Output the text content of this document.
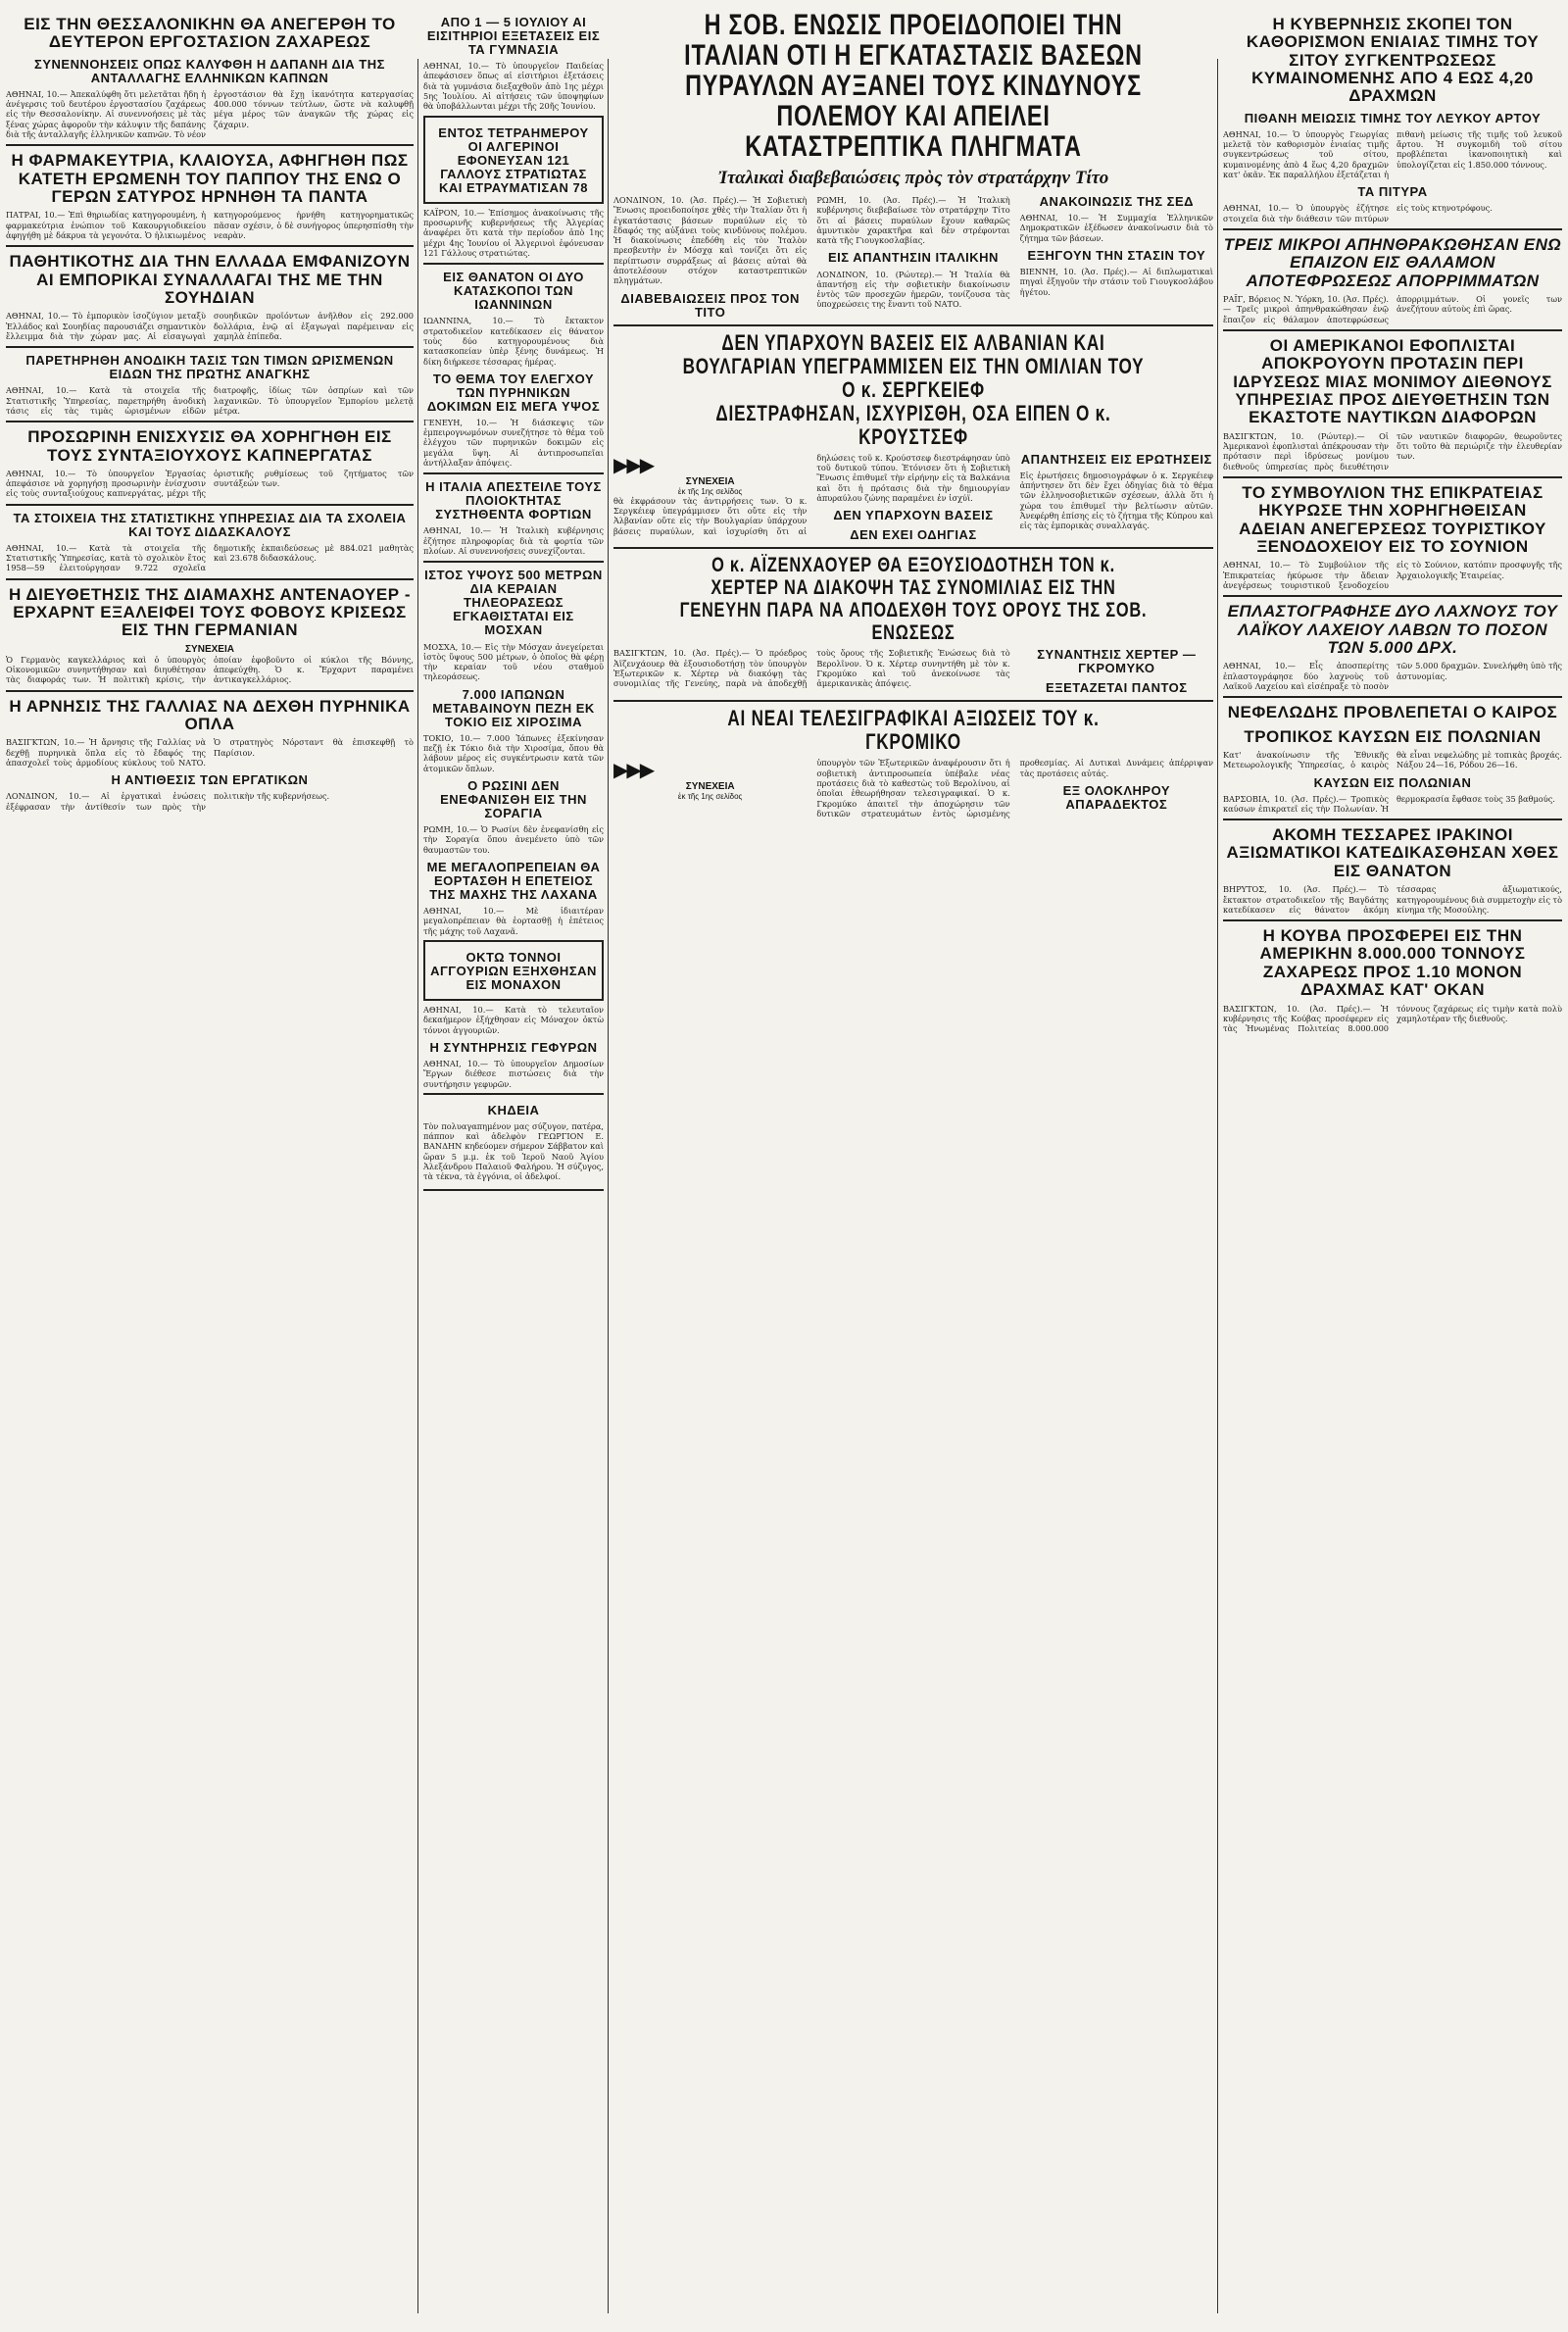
ΕΙΣ ΤΗΝ ΘΕΣΣΑΛΟΝΙΚΗΝ ΘΑ ΑΝΕΓΕΡΘΗ ΤΟ ΔΕΥΤΕΡΟΝ ΕΡΓΟΣΤΑΣΙΟΝ ΖΑΧΑΡΕΩΣ
ΣΥΝΕΝΝΟΗΣΕΙΣ ΟΠΩΣ ΚΑΛΥΦΘΗ Η ΔΑΠΑΝΗ ΔΙΑ ΤΗΣ ΑΝΤΑΛΛΑΓΗΣ ΕΛΛΗΝΙΚΩΝ ΚΑΠΝΩΝ

ΑΘΗΝΑΙ, 10.— Ἀπεκαλύφθη ὅτι μελετᾶται ἤδη ἡ ἀνέγερσις τοῦ δευτέρου ἐργοστασίου ζαχάρεως εἰς τὴν Θεσσαλονίκην. Αἱ συνεννοήσεις μὲ τὰς ξένας χώρας ἀφοροῦν τὴν κάλυψιν τῆς δαπάνης διὰ τῆς ἀνταλλαγῆς ἑλληνικῶν καπνῶν. Τὸ νέον ἐργοστάσιον θὰ ἔχῃ ἱκανότητα κατεργασίας 400.000 τόννων τεύτλων, ὥστε νὰ καλυφθῇ μέγα μέρος τῶν ἀναγκῶν τῆς χώρας εἰς ζάχαριν.

Η ΦΑΡΜΑΚΕΥΤΡΙΑ, ΚΛΑΙΟΥΣΑ, ΑΦΗΓΗΘΗ ΠΩΣ ΚΑΤΕΤΗ ΕΡΩΜΕΝΗ ΤΟΥ ΠΑΠΠΟΥ ΤΗΣ ΕΝΩ Ο ΓΕΡΩΝ ΣΑΤΥΡΟΣ ΗΡΝΗΘΗ ΤΑ ΠΑΝΤΑ

ΠΑΤΡΑΙ, 10.— Ἐπὶ θηριωδίας κατηγορουμένη, ἡ φαρμακεύτρια ἐνώπιον τοῦ Κακουργιοδικείου ἀφηγήθη μὲ δάκρυα τὰ γεγονότα. Ὁ ἡλικιωμένος κατηγορούμενος ἠρνήθη κατηγορηματικῶς πᾶσαν σχέσιν, ὁ δὲ συνήγορος ὑπερησπίσθη τὴν νεαρὰν.

ΠΑΘΗΤΙΚΟΤΗΣ ΔΙΑ ΤΗΝ ΕΛΛΑΔΑ ΕΜΦΑΝΙΖΟΥΝ ΑΙ ΕΜΠΟΡΙΚΑΙ ΣΥΝΑΛΛΑΓΑΙ ΤΗΣ ΜΕ ΤΗΝ ΣΟΥΗΔΙΑΝ

ΑΘΗΝΑΙ, 10.— Τὸ ἐμπορικὸν ἰσοζύγιον μεταξὺ Ἑλλάδος καὶ Σουηδίας παρουσιάζει σημαντικὸν ἔλλειμμα διὰ τὴν χώραν μας. Αἱ εἰσαγωγαὶ σουηδικῶν προϊόντων ἀνῆλθον εἰς 292.000 δολλάρια, ἐνῷ αἱ ἐξαγωγαὶ παρέμειναν εἰς χαμηλὰ ἐπίπεδα.

ΠΑΡΕΤΗΡΗΘΗ ΑΝΟΔΙΚΗ ΤΑΣΙΣ ΤΩΝ ΤΙΜΩΝ ΩΡΙΣΜΕΝΩΝ ΕΙΔΩΝ ΤΗΣ ΠΡΩΤΗΣ ΑΝΑΓΚΗΣ

ΑΘΗΝΑΙ, 10.— Κατὰ τὰ στοιχεῖα τῆς Στατιστικῆς Ὑπηρεσίας, παρετηρήθη ἀνοδικὴ τάσις εἰς τὰς τιμὰς ὡρισμένων εἰδῶν διατροφῆς, ἰδίως τῶν ὀσπρίων καὶ τῶν λαχανικῶν. Τὸ ὑπουργεῖον Ἐμπορίου μελετᾷ μέτρα.

ΠΡΟΣΩΡΙΝΗ ΕΝΙΣΧΥΣΙΣ ΘΑ ΧΟΡΗΓΗΘΗ ΕΙΣ ΤΟΥΣ ΣΥΝΤΑΞΙΟΥΧΟΥΣ ΚΑΠΝΕΡΓΑΤΑΣ

ΑΘΗΝΑΙ, 10.— Τὸ ὑπουργεῖον Ἐργασίας ἀπεφάσισε νὰ χορηγήσῃ προσωρινὴν ἐνίσχυσιν εἰς τοὺς συνταξιούχους καπνεργάτας, μέχρι τῆς ὁριστικῆς ρυθμίσεως τοῦ ζητήματος τῶν συντάξεών των.

ΤΑ ΣΤΟΙΧΕΙΑ ΤΗΣ ΣΤΑΤΙΣΤΙΚΗΣ ΥΠΗΡΕΣΙΑΣ ΔΙΑ ΤΑ ΣΧΟΛΕΙΑ ΚΑΙ ΤΟΥΣ ΔΙΔΑΣΚΑΛΟΥΣ

ΑΘΗΝΑΙ, 10.— Κατὰ τὰ στοιχεῖα τῆς Στατιστικῆς Ὑπηρεσίας, κατὰ τὸ σχολικὸν ἔτος 1958—59 ἐλειτούργησαν 9.722 σχολεῖα δημοτικῆς ἐκπαιδεύσεως μὲ 884.021 μαθητὰς καὶ 23.678 διδασκάλους.

Η ΔΙΕΥΘΕΤΗΣΙΣ ΤΗΣ ΔΙΑΜΑΧΗΣ ΑΝΤΕΝΑΟΥΕΡ - ΕΡΧΑΡΝΤ ΕΞΑΛΕΙΦΕΙ ΤΟΥΣ ΦΟΒΟΥΣ ΚΡΙΣΕΩΣ ΕΙΣ ΤΗΝ ΓΕΡΜΑΝΙΑΝ
ΣΥΝΕΧΕΙΑ

Ὁ Γερμανὸς καγκελλάριος καὶ ὁ ὑπουργὸς Οἰκονομικῶν συνηντήθησαν καὶ διηυθέτησαν τὰς διαφοράς των. Ἡ πολιτικὴ κρίσις, τὴν ὁποίαν ἐφοβοῦντο οἱ κύκλοι τῆς Βόννης, ἀπεφεύχθη. Ὁ κ. Ἔρχαρντ παραμένει ἀντικαγκελλάριος.

Η ΑΡΝΗΣΙΣ ΤΗΣ ΓΑΛΛΙΑΣ ΝΑ ΔΕΧΘΗ ΠΥΡΗΝΙΚΑ ΟΠΛΑ

ΒΑΣΙΓΚΤΩΝ, 10.— Ἡ ἄρνησις τῆς Γαλλίας νὰ δεχθῇ πυρηνικὰ ὅπλα εἰς τὸ ἔδαφός της ἀπασχολεῖ τοὺς ἁρμοδίους κύκλους τοῦ ΝΑΤΟ. Ὁ στρατηγὸς Νόρσταντ θὰ ἐπισκεφθῇ τὸ Παρίσιον.

Η ΑΝΤΙΘΕΣΙΣ ΤΩΝ ΕΡΓΑΤΙΚΩΝ

ΛΟΝΔΙΝΟΝ, 10.— Αἱ ἐργατικαὶ ἑνώσεις ἐξέφρασαν τὴν ἀντίθεσίν των πρὸς τὴν πολιτικὴν τῆς κυβερνήσεως.

ΑΠΟ 1 — 5 ΙΟΥΛΙΟΥ ΑΙ ΕΙΣΙΤΗΡΙΟΙ ΕΞΕΤΑΣΕΙΣ ΕΙΣ ΤΑ ΓΥΜΝΑΣΙΑ

ΑΘΗΝΑΙ, 10.— Τὸ ὑπουργεῖον Παιδείας ἀπεφάσισεν ὅπως αἱ εἰσιτήριοι ἐξετάσεις διὰ τὰ γυμνάσια διεξαχθοῦν ἀπὸ 1ης μέχρι 5ης Ἰουλίου. Αἱ αἰτήσεις τῶν ὑποψηφίων θὰ ὑποβάλλωνται μέχρι τῆς 20ῆς Ἰουνίου.

ΕΝΤΟΣ ΤΕΤΡΑΗΜΕΡΟΥ ΟΙ ΑΛΓΕΡΙΝΟΙ ΕΦΟΝΕΥΣΑΝ 121 ΓΑΛΛΟΥΣ ΣΤΡΑΤΙΩΤΑΣ ΚΑΙ ΕΤΡΑΥΜΑΤΙΣΑΝ 78

ΚΑΪΡΟΝ, 10.— Ἐπίσημος ἀνακοίνωσις τῆς προσωρινῆς κυβερνήσεως τῆς Ἀλγερίας ἀναφέρει ὅτι κατὰ τὴν περίοδον ἀπὸ 1ης μέχρι 4ης Ἰουνίου οἱ Ἀλγερινοὶ ἐφόνευσαν 121 Γάλλους στρατιώτας.

ΕΙΣ ΘΑΝΑΤΟΝ ΟΙ ΔΥΟ ΚΑΤΑΣΚΟΠΟΙ ΤΩΝ ΙΩΑΝΝΙΝΩΝ

ΙΩΑΝΝΙΝΑ, 10.— Τὸ ἔκτακτον στρατοδικεῖον κατεδίκασεν εἰς θάνατον τοὺς δύο κατηγορουμένους διὰ κατασκοπείαν ὑπὲρ ξένης δυνάμεως. Ἡ δίκη διήρκεσε τέσσαρας ἡμέρας.

ΤΟ ΘΕΜΑ ΤΟΥ ΕΛΕΓΧΟΥ ΤΩΝ ΠΥΡΗΝΙΚΩΝ ΔΟΚΙΜΩΝ ΕΙΣ ΜΕΓΑ ΥΨΟΣ

ΓΕΝΕΥΗ, 10.— Ἡ διάσκεψις τῶν ἐμπειρογνωμόνων συνεζήτησε τὸ θέμα τοῦ ἐλέγχου τῶν πυρηνικῶν δοκιμῶν εἰς μεγάλα ὕψη. Αἱ ἀντιπροσωπεῖαι ἀντήλλαξαν ἀπόψεις.

Η ΙΤΑΛΙΑ ΑΠΕΣΤΕΙΛΕ ΤΟΥΣ ΠΛΟΙΟΚΤΗΤΑΣ ΣΥΣΤΗΘΕΝΤΑ ΦΟΡΤΙΩΝ

ΑΘΗΝΑΙ, 10.— Ἡ Ἰταλικὴ κυβέρνησις ἐζήτησε πληροφορίας διὰ τὰ φορτία τῶν πλοίων. Αἱ συνεννοήσεις συνεχίζονται.

ΙΣΤΟΣ ΥΨΟΥΣ 500 ΜΕΤΡΩΝ ΔΙΑ ΚΕΡΑΙΑΝ ΤΗΛΕΟΡΑΣΕΩΣ ΕΓΚΑΘΙΣΤΑΤΑΙ ΕΙΣ ΜΟΣΧΑΝ

ΜΟΣΧΑ, 10.— Εἰς τὴν Μόσχαν ἀνεγείρεται ἱστὸς ὕψους 500 μέτρων, ὁ ὁποῖος θὰ φέρῃ τὴν κεραίαν τοῦ νέου σταθμοῦ τηλεοράσεως.

7.000 ΙΑΠΩΝΩΝ ΜΕΤΑΒΑΙΝΟΥΝ ΠΕΖΗ ΕΚ ΤΟΚΙΟ ΕΙΣ ΧΙΡΟΣΙΜΑ

ΤΟΚΙΟ, 10.— 7.000 Ἰάπωνες ἐξεκίνησαν πεζῇ ἐκ Τόκιο διὰ τὴν Χιροσίμα, ὅπου θὰ λάβουν μέρος εἰς συγκέντρωσιν κατὰ τῶν ἀτομικῶν ὅπλων.

Ο ΡΩΣΙΝΙ ΔΕΝ ΕΝΕΦΑΝΙΣΘΗ ΕΙΣ ΤΗΝ ΣΟΡΑΓΙΑ

ΡΩΜΗ, 10.— Ὁ Ρωσίνι δὲν ἐνεφανίσθη εἰς τὴν Σοραγία ὅπου ἀνεμένετο ὑπὸ τῶν θαυμαστῶν του.

ΜΕ ΜΕΓΑΛΟΠΡΕΠΕΙΑΝ ΘΑ ΕΟΡΤΑΣΘΗ Η ΕΠΕΤΕΙΟΣ ΤΗΣ ΜΑΧΗΣ ΤΗΣ ΛΑΧΑΝΑ

ΑΘΗΝΑΙ, 10.— Μὲ ἰδιαιτέραν μεγαλοπρέπειαν θὰ ἑορτασθῇ ἡ ἐπέτειος τῆς μάχης τοῦ Λαχανᾶ.

ΟΚΤΩ ΤΟΝΝΟΙ ΑΓΓΟΥΡΙΩΝ ΕΞΗΧΘΗΣΑΝ ΕΙΣ ΜΟΝΑΧΟΝ

ΑΘΗΝΑΙ, 10.— Κατὰ τὸ τελευταῖον δεκαήμερον ἐξήχθησαν εἰς Μόναχον ὀκτὼ τόννοι ἀγγουριῶν.

Η ΣΥΝΤΗΡΗΣΙΣ ΓΕΦΥΡΩΝ

ΑΘΗΝΑΙ, 10.— Τὸ ὑπουργεῖον Δημοσίων Ἔργων διέθεσε πιστώσεις διὰ τὴν συντήρησιν γεφυρῶν.

ΚΗΔΕΙΑ

Τὸν πολυαγαπημένον μας σύζυγον, πατέρα, πάππον καὶ ἀδελφὸν ΓΕΩΡΓΙΟΝ Ε. ΒΑΝΔΗΝ κηδεύομεν σήμερον Σάββατον καὶ ὥραν 5 μ.μ. ἐκ τοῦ Ἱεροῦ Ναοῦ Ἁγίου Ἀλεξάνδρου Παλαιοῦ Φαλήρου. Ἡ σύζυγος, τὰ τέκνα, τὰ ἐγγόνια, οἱ ἀδελφοί.

Η ΣΟΒ. ΕΝΩΣΙΣ ΠΡΟΕΙΔΟΠΟΙΕΙ ΤΗΝ ΙΤΑΛΙΑΝ ΟΤΙ Η ΕΓΚΑΤΑΣΤΑΣΙΣ ΒΑΣΕΩΝ ΠΥΡΑΥΛΩΝ ΑΥΞΑΝΕΙ ΤΟΥΣ ΚΙΝΔΥΝΟΥΣ ΠΟΛΕΜΟΥ ΚΑΙ ΑΠΕΙΛΕΙ ΚΑΤΑΣΤΡΕΠΤΙΚΑ ΠΛΗΓΜΑΤΑ
Ἰταλικαὶ διαβεβαιώσεις πρὸς τὸν στρατάρχην Τίτο

ΛΟΝΔΙΝΟΝ, 10. (Ἀσ. Πρές).— Ἡ Σοβιετικὴ Ἕνωσις προειδοποίησε χθὲς τὴν Ἰταλίαν ὅτι ἡ ἐγκατάστασις βάσεων πυραύλων εἰς τὸ ἔδαφός της αὐξάνει τοὺς κινδύνους πολέμου. Ἡ διακοίνωσις ἐπεδόθη εἰς τὸν Ἰταλὸν πρεσβευτὴν ἐν Μόσχᾳ καὶ τονίζει ὅτι εἰς περίπτωσιν συρράξεως αἱ βάσεις αὐταὶ θὰ ἀποτελέσουν στόχον καταστρεπτικῶν πληγμάτων.

ΔΙΑΒΕΒΑΙΩΣΕΙΣ ΠΡΟΣ ΤΟΝ ΤΙΤΟ

ΡΩΜΗ, 10. (Ἀσ. Πρές).— Ἡ Ἰταλικὴ κυβέρνησις διεβεβαίωσε τὸν στρατάρχην Τίτο ὅτι αἱ βάσεις πυραύλων ἔχουν καθαρῶς ἀμυντικὸν χαρακτῆρα καὶ δὲν στρέφονται κατὰ τῆς Γιουγκοσλαβίας.

ΕΙΣ ΑΠΑΝΤΗΣΙΝ ΙΤΑΛΙΚΗΝ

ΛΟΝΔΙΝΟΝ, 10. (Ρώυτερ).— Ἡ Ἰταλία θὰ ἀπαντήσῃ εἰς τὴν σοβιετικὴν διακοίνωσιν ἐντὸς τῶν προσεχῶν ἡμερῶν, τονίζουσα τὰς ὑποχρεώσεις της ἔναντι τοῦ ΝΑΤΟ.

ΑΝΑΚΟΙΝΩΣΙΣ ΤΗΣ ΣΕΔ

ΑΘΗΝΑΙ, 10.— Ἡ Συμμαχία Ἑλληνικῶν Δημοκρατικῶν ἐξέδωσεν ἀνακοίνωσιν διὰ τὸ ζήτημα τῶν βάσεων.

ΕΞΗΓΟΥΝ ΤΗΝ ΣΤΑΣΙΝ ΤΟΥ

ΒΙΕΝΝΗ, 10. (Ἀσ. Πρές).— Αἱ διπλωματικαὶ πηγαὶ ἐξηγοῦν τὴν στάσιν τοῦ Γιουγκοσλάβου ἡγέτου.

ΔΕΝ ΥΠΑΡΧΟΥΝ ΒΑΣΕΙΣ ΕΙΣ ΑΛΒΑΝΙΑΝ ΚΑΙ ΒΟΥΛΓΑΡΙΑΝ ΥΠΕΓΡΑΜΜΙΣΕΝ ΕΙΣ ΤΗΝ ΟΜΙΛΙΑΝ ΤΟΥ Ο κ. ΣΕΡΓΚΕΙΕΦ
ΔΙΕΣΤΡΑΦΗΣΑΝ, ΙΣΧΥΡΙΣΘΗ, ΟΣΑ ΕΙΠΕΝ Ο κ. ΚΡΟΥΣΤΣΕΦ
▶▶▶
ΣΥΝΕΧΕΙΑ
ἐκ τῆς 1ης σελίδος

θὰ ἐκφράσουν τὰς ἀντιρρήσεις των. Ὁ κ. Σεργκέιεφ ὑπεγράμμισεν ὅτι οὔτε εἰς τὴν Ἀλβανίαν οὔτε εἰς τὴν Βουλγαρίαν ὑπάρχουν βάσεις πυραύλων, καὶ ἰσχυρίσθη ὅτι αἱ δηλώσεις τοῦ κ. Κρούστσεφ διεστράφησαν ὑπὸ τοῦ δυτικοῦ τύπου. Ἐτόνισεν ὅτι ἡ Σοβιετικὴ Ἕνωσις ἐπιθυμεῖ τὴν εἰρήνην εἰς τὰ Βαλκάνια καὶ ὅτι ἡ πρότασις διὰ τὴν δημιουργίαν ἀπυραύλου ζώνης παραμένει ἐν ἰσχύϊ.

ΔΕΝ ΥΠΑΡΧΟΥΝ ΒΑΣΕΙΣ
ΔΕΝ ΕΧΕΙ ΟΔΗΓΙΑΣ
ΑΠΑΝΤΗΣΕΙΣ ΕΙΣ ΕΡΩΤΗΣΕΙΣ

Εἰς ἐρωτήσεις δημοσιογράφων ὁ κ. Σεργκέιεφ ἀπήντησεν ὅτι δὲν ἔχει ὁδηγίας διὰ τὸ θέμα τῶν ἑλληνοσοβιετικῶν σχέσεων, ἀλλὰ ὅτι ἡ χώρα του ἐπιθυμεῖ τὴν βελτίωσιν αὐτῶν. Ἀνεφέρθη ἐπίσης εἰς τὸ ζήτημα τῆς Κύπρου καὶ εἰς τὰς ἐμπορικὰς συναλλαγάς.

Ο κ. ΑΪΖΕΝΧΑΟΥΕΡ ΘΑ ΕΞΟΥΣΙΟΔΟΤΗΣΗ ΤΟΝ κ. ΧΕΡΤΕΡ ΝΑ ΔΙΑΚΟΨΗ ΤΑΣ ΣΥΝΟΜΙΛΙΑΣ ΕΙΣ ΤΗΝ ΓΕΝΕΥΗΝ ΠΑΡΑ ΝΑ ΑΠΟΔΕΧΘΗ ΤΟΥΣ ΟΡΟΥΣ ΤΗΣ ΣΟΒ. ΕΝΩΣΕΩΣ

ΒΑΣΙΓΚΤΩΝ, 10. (Ἀσ. Πρές).— Ὁ πρόεδρος Ἀϊζενχάουερ θὰ ἐξουσιοδοτήσῃ τὸν ὑπουργὸν Ἐξωτερικῶν κ. Χέρτερ νὰ διακόψῃ τὰς συνομιλίας τῆς Γενεύης, παρὰ νὰ ἀποδεχθῇ τοὺς ὅρους τῆς Σοβιετικῆς Ἑνώσεως διὰ τὸ Βερολῖνον. Ὁ κ. Χέρτερ συνηντήθη μὲ τὸν κ. Γκρομύκο καὶ τοῦ ἀνεκοίνωσε τὰς ἀμερικανικὰς ἀπόψεις.

ΣΥΝΑΝΤΗΣΙΣ ΧΕΡΤΕΡ — ΓΚΡΟΜΥΚΟ
ΕΞΕΤΑΖΕΤΑΙ ΠΑΝΤΟΣ
ΑΙ ΝΕΑΙ ΤΕΛΕΣΙΓΡΑΦΙΚΑΙ ΑΞΙΩΣΕΙΣ ΤΟΥ κ. ΓΚΡΟΜΙΚΟ
▶▶▶
ΣΥΝΕΧΕΙΑ
ἐκ τῆς 1ης σελίδος

ὑπουργὸν τῶν Ἐξωτερικῶν ἀναφέρουσιν ὅτι ἡ σοβιετικὴ ἀντιπροσωπεία ὑπέβαλε νέας προτάσεις διὰ τὸ καθεστὼς τοῦ Βερολίνου, αἱ ὁποῖαι ἐθεωρήθησαν τελεσιγραφικαί. Ὁ κ. Γκρομύκο ἀπαιτεῖ τὴν ἀποχώρησιν τῶν δυτικῶν στρατευμάτων ἐντὸς ὡρισμένης προθεσμίας. Αἱ Δυτικαὶ Δυνάμεις ἀπέρριψαν τὰς προτάσεις αὐτάς.

ΕΞ ΟΛΟΚΛΗΡΟΥ ΑΠΑΡΑΔΕΚΤΟΣ
Η ΚΥΒΕΡΝΗΣΙΣ ΣΚΟΠΕΙ ΤΟΝ ΚΑΘΟΡΙΣΜΟΝ ΕΝΙΑΙΑΣ ΤΙΜΗΣ ΤΟΥ ΣΙΤΟΥ ΣΥΓΚΕΝΤΡΩΣΕΩΣ ΚΥΜΑΙΝΟΜΕΝΗΣ ΑΠΟ 4 ΕΩΣ 4,20 ΔΡΑΧΜΩΝ
ΠΙΘΑΝΗ ΜΕΙΩΣΙΣ ΤΙΜΗΣ ΤΟΥ ΛΕΥΚΟΥ ΑΡΤΟΥ

ΑΘΗΝΑΙ, 10.— Ὁ ὑπουργὸς Γεωργίας μελετᾷ τὸν καθορισμὸν ἑνιαίας τιμῆς συγκεντρώσεως τοῦ σίτου, κυμαινομένης ἀπὸ 4 ἕως 4,20 δραχμῶν κατ' ὀκᾶν. Ἐκ παραλλήλου ἐξετάζεται ἡ πιθανὴ μείωσις τῆς τιμῆς τοῦ λευκοῦ ἄρτου. Ἡ συγκομιδὴ τοῦ σίτου προβλέπεται ἱκανοποιητικὴ καὶ ὑπολογίζεται εἰς 1.850.000 τόννους.

ΤΑ ΠΙΤΥΡΑ

ΑΘΗΝΑΙ, 10.— Ὁ ὑπουργὸς ἐζήτησε στοιχεῖα διὰ τὴν διάθεσιν τῶν πιτύρων εἰς τοὺς κτηνοτρόφους.

ΤΡΕΙΣ ΜΙΚΡΟΙ ΑΠΗΝΘΡΑΚΩΘΗΣΑΝ ΕΝΩ ΕΠΑΙΖΟΝ ΕΙΣ ΘΑΛΑΜΟΝ ΑΠΟΤΕΦΡΩΣΕΩΣ ΑΠΟΡΡΙΜΜΑΤΩΝ

ΡΑΪΓ, Βόρειος Ν. Ὑόρκη, 10. (Ἀσ. Πρές).— Τρεῖς μικροὶ ἀπηνθρακώθησαν ἐνῷ ἔπαιζον εἰς θάλαμον ἀποτεφρώσεως ἀπορριμμάτων. Οἱ γονεῖς των ἀνεζήτουν αὐτοὺς ἐπὶ ὥρας.

ΟΙ ΑΜΕΡΙΚΑΝΟΙ ΕΦΟΠΛΙΣΤΑΙ ΑΠΟΚΡΟΥΟΥΝ ΠΡΟΤΑΣΙΝ ΠΕΡΙ ΙΔΡΥΣΕΩΣ ΜΙΑΣ ΜΟΝΙΜΟΥ ΔΙΕΘΝΟΥΣ ΥΠΗΡΕΣΙΑΣ ΠΡΟΣ ΔΙΕΥΘΕΤΗΣΙΝ ΤΩΝ ΕΚΑΣΤΟΤΕ ΝΑΥΤΙΚΩΝ ΔΙΑΦΟΡΩΝ

ΒΑΣΙΓΚΤΩΝ, 10. (Ρώυτερ).— Οἱ Ἀμερικανοὶ ἐφοπλισταὶ ἀπέκρουσαν τὴν πρότασιν περὶ ἱδρύσεως μονίμου διεθνοῦς ὑπηρεσίας πρὸς διευθέτησιν τῶν ναυτικῶν διαφορῶν, θεωροῦντες ὅτι τοῦτο θὰ περιώριζε τὴν ἐλευθερίαν των.

ΤΟ ΣΥΜΒΟΥΛΙΟΝ ΤΗΣ ΕΠΙΚΡΑΤΕΙΑΣ ΗΚΥΡΩΣΕ ΤΗΝ ΧΟΡΗΓΗΘΕΙΣΑΝ ΑΔΕΙΑΝ ΑΝΕΓΕΡΣΕΩΣ ΤΟΥΡΙΣΤΙΚΟΥ ΞΕΝΟΔΟΧΕΙΟΥ ΕΙΣ ΤΟ ΣΟΥΝΙΟΝ

ΑΘΗΝΑΙ, 10.— Τὸ Συμβούλιον τῆς Ἐπικρατείας ἠκύρωσε τὴν ἄδειαν ἀνεγέρσεως τουριστικοῦ ξενοδοχείου εἰς τὸ Σούνιον, κατόπιν προσφυγῆς τῆς Ἀρχαιολογικῆς Ἑταιρείας.

ΕΠΛΑΣΤΟΓΡΑΦΗΣΕ ΔΥΟ ΛΑΧΝΟΥΣ ΤΟΥ ΛΑΪΚΟΥ ΛΑΧΕΙΟΥ ΛΑΒΩΝ ΤΟ ΠΟΣΟΝ ΤΩΝ 5.000 ΔΡΧ.

ΑΘΗΝΑΙ, 10.— Εἷς ἀποσπερίτης ἐπλαστογράφησε δύο λαχνοὺς τοῦ Λαϊκοῦ Λαχείου καὶ εἰσέπραξε τὸ ποσὸν τῶν 5.000 δραχμῶν. Συνελήφθη ὑπὸ τῆς ἀστυνομίας.

ΝΕΦΕΛΩΔΗΣ ΠΡΟΒΛΕΠΕΤΑΙ Ο ΚΑΙΡΟΣ
ΤΡΟΠΙΚΟΣ ΚΑΥΣΩΝ ΕΙΣ ΠΟΛΩΝΙΑΝ

Κατ' ἀνακοίνωσιν τῆς Ἐθνικῆς Μετεωρολογικῆς Ὑπηρεσίας, ὁ καιρὸς θὰ εἶναι νεφελώδης μὲ τοπικὰς βροχάς. Νάξου 24—16, Ρόδου 26—16.

ΚΑΥΣΩΝ ΕΙΣ ΠΟΛΩΝΙΑΝ

ΒΑΡΣΟΒΙΑ, 10. (Ἀσ. Πρές).— Τροπικὸς καύσων ἐπικρατεῖ εἰς τὴν Πολωνίαν. Ἡ θερμοκρασία ἔφθασε τοὺς 35 βαθμούς.

ΑΚΟΜΗ ΤΕΣΣΑΡΕΣ ΙΡΑΚΙΝΟΙ ΑΞΙΩΜΑΤΙΚΟΙ ΚΑΤΕΔΙΚΑΣΘΗΣΑΝ ΧΘΕΣ ΕΙΣ ΘΑΝΑΤΟΝ

ΒΗΡΥΤΟΣ, 10. (Ἀσ. Πρές).— Τὸ ἔκτακτον στρατοδικεῖον τῆς Βαγδάτης κατεδίκασεν εἰς θάνατον ἀκόμη τέσσαρας ἀξιωματικούς, κατηγορουμένους διὰ συμμετοχὴν εἰς τὸ κίνημα τῆς Μοσούλης.

Η ΚΟΥΒΑ ΠΡΟΣΦΕΡΕΙ ΕΙΣ ΤΗΝ ΑΜΕΡΙΚΗΝ 8.000.000 ΤΟΝΝΟΥΣ ΖΑΧΑΡΕΩΣ ΠΡΟΣ 1.10 ΜΟΝΟΝ ΔΡΑΧΜΑΣ ΚΑΤ' ΟΚΑΝ

ΒΑΣΙΓΚΤΩΝ, 10. (Ἀσ. Πρές).— Ἡ κυβέρνησις τῆς Κούβας προσέφερεν εἰς τὰς Ἡνωμένας Πολιτείας 8.000.000 τόννους ζαχάρεως εἰς τιμὴν κατὰ πολὺ χαμηλοτέραν τῆς διεθνοῦς.
